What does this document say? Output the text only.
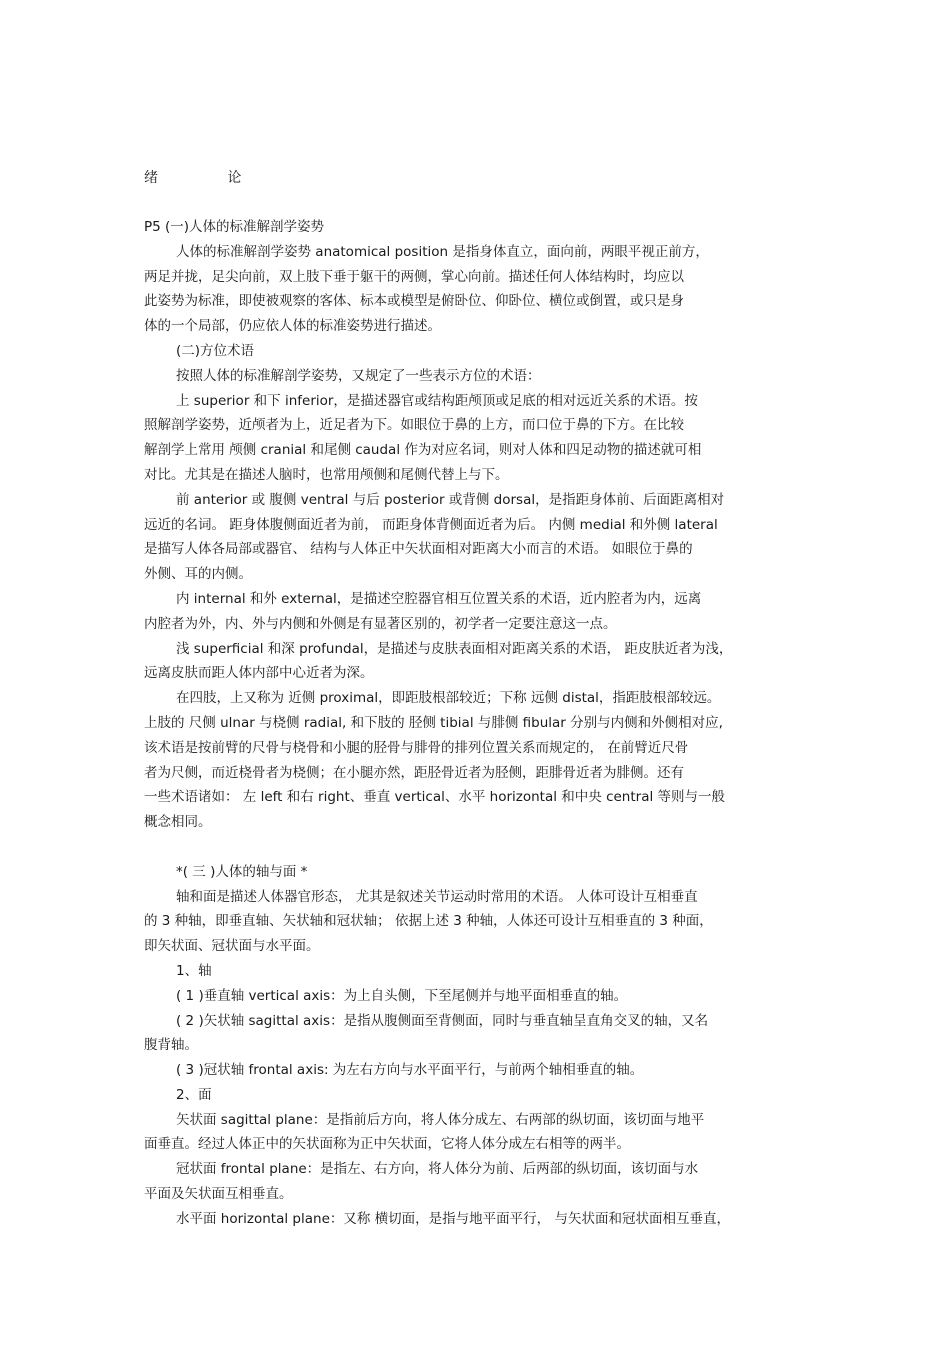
绪   论
P5 (一)人体的标准解剖学姿势
人体的标准解剖学姿势 anatomical position 是指身体直立，面向前，两眼平视正前方，
两足并拢，足尖向前，双上肢下垂于躯干的两侧，掌心向前。描述任何人体结构时，均应以
此姿势为标准，即使被观察的客体、标本或模型是俯卧位、仰卧位、横位或倒置，或只是身
体的一个局部，仍应依人体的标准姿势进行描述。
(二)方位术语
按照人体的标准解剖学姿势，又规定了一些表示方位的术语：
上 superior 和下 inferior，是描述器官或结构距颅顶或足底的相对远近关系的术语。按
照解剖学姿势，近颅者为上，近足者为下。如眼位于鼻的上方，而口位于鼻的下方。在比较
解剖学上常用 颅侧 cranial 和尾侧 caudal 作为对应名词，则对人体和四足动物的描述就可相
对比。尤其是在描述人脑时，也常用颅侧和尾侧代替上与下。
前 anterior 或 腹侧 ventral 与后 posterior 或背侧 dorsal，是指距身体前、后面距离相对
远近的名词。 距身体腹侧面近者为前， 而距身体背侧面近者为后。 内侧 medial 和外侧 lateral
是描写人体各局部或器官、 结构与人体正中矢状面相对距离大小而言的术语。 如眼位于鼻的
外侧、耳的内侧。
内 internal 和外 external，是描述空腔器官相互位置关系的术语，近内腔者为内，远离
内腔者为外，内、外与内侧和外侧是有显著区别的，初学者一定要注意这一点。
浅 superficial 和深 profundal，是描述与皮肤表面相对距离关系的术语， 距皮肤近者为浅，
远离皮肤而距人体内部中心近者为深。
在四肢，上又称为 近侧 proximal，即距肢根部较近；下称 远侧 distal，指距肢根部较远。
上肢的 尺侧 ulnar 与桡侧 radial, 和下肢的 胫侧 tibial 与腓侧 fibular 分别与内侧和外侧相对应,
该术语是按前臂的尺骨与桡骨和小腿的胫骨与腓骨的排列位置关系而规定的， 在前臂近尺骨
者为尺侧，而近桡骨者为桡侧；在小腿亦然，距胫骨近者为胫侧，距腓骨近者为腓侧。还有
一些术语诸如： 左 left 和右 right、垂直 vertical、水平 horizontal 和中央 central 等则与一般
概念相同。
*( 三 )人体的轴与面 *
轴和面是描述人体器官形态， 尤其是叙述关节运动时常用的术语。 人体可设计互相垂直
的 3 种轴，即垂直轴、矢状轴和冠状轴； 依据上述 3 种轴，人体还可设计互相垂直的 3 种面，
即矢状面、冠状面与水平面。
1、轴
( 1 )垂直轴 vertical axis：为上自头侧，下至尾侧并与地平面相垂直的轴。
( 2 )矢状轴 sagittal axis：是指从腹侧面至背侧面，同时与垂直轴呈直角交叉的轴，又名
腹背轴。
( 3 )冠状轴 frontal axis: 为左右方向与水平面平行，与前两个轴相垂直的轴。
2、面
矢状面 sagittal plane：是指前后方向，将人体分成左、右两部的纵切面，该切面与地平
面垂直。经过人体正中的矢状面称为正中矢状面，它将人体分成左右相等的两半。
冠状面 frontal plane：是指左、右方向，将人体分为前、后两部的纵切面，该切面与水
平面及矢状面互相垂直。
水平面 horizontal plane：又称 横切面，是指与地平面平行， 与矢状面和冠状面相互垂直，
